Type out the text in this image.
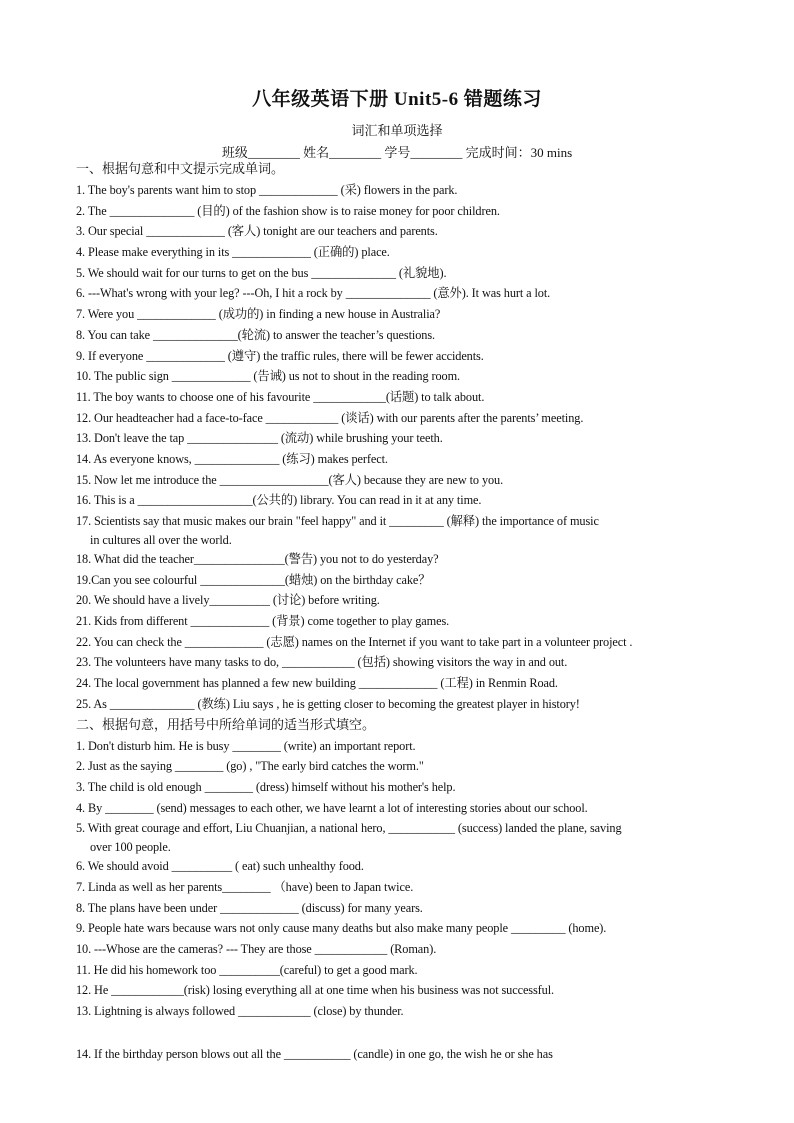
八年级英语下册 Unit5-6 错题练习
词汇和单项选择
班级________ 姓名________ 学号________ 完成时间：30 mins
一、根据句意和中文提示完成单词。
1. The boy's parents want him to stop _____________ (采) flowers in the park.
2. The ______________ (目的) of the fashion show is to raise money for poor children.
3. Our special _____________ (客人) tonight are our teachers and parents.
4. Please make everything in its _____________ (正确的) place.
5. We should wait for our turns to get on the bus ______________ (礼貌地).
6. ---What's wrong with your leg? ---Oh, I hit a rock by ______________ (意外). It was hurt a lot.
7. Were you _____________ (成功的) in finding a new house in Australia?
8. You can take ______________(轮流) to answer the teacher’s questions.
9. If everyone _____________ (遵守) the traffic rules, there will be fewer accidents.
10. The public sign _____________ (告诫) us not to shout in the reading room.
11. The boy wants to choose one of his favourite ____________(话题) to talk about.
12. Our headteacher had a face-to-face ____________ (谈话) with our parents after the parents’ meeting.
13. Don't leave the tap _______________ (流动) while brushing your teeth.
14. As everyone knows, ______________ (练习) makes perfect.
15. Now let me introduce the __________________(客人) because they are new to you.
16. This is a ___________________(公共的) library. You can read in it at any time.
17. Scientists say that music makes our brain "feel happy" and it _________ (解释) the importance of music
in cultures all over the world.
18. What did the teacher_______________(警告) you not to do yesterday?
19.Can you see colourful ______________(蜡烛) on the birthday cake？
20. We should have a lively__________ (讨论) before writing.
21. Kids from different _____________ (背景) come together to play games.
22. You can check the _____________ (志愿) names on the Internet if you want to take part in a volunteer project .
23. The volunteers have many tasks to do, ____________ (包括) showing visitors the way in and out.
24. The local government has planned a few new building _____________ (工程) in Renmin Road.
25. As ______________ (教练) Liu says , he is getting closer to becoming the greatest player in history!
二、根据句意，用括号中所给单词的适当形式填空。
1. Don't disturb him. He is busy ________ (write) an important report.
2. Just as the saying ________ (go) , "The early bird catches the worm."
3. The child is old enough ________ (dress) himself without his mother's help.
4. By ________ (send) messages to each other, we have learnt a lot of interesting stories about our school.
5. With great courage and effort, Liu Chuanjian, a national hero, ___________ (success) landed the plane, saving
over 100 people.
6. We should avoid __________ ( eat) such unhealthy food.
7. Linda as well as her parents________ （have) been to Japan twice.
8. The plans have been under _____________ (discuss) for many years.
9. People hate wars because wars not only cause many deaths but also make many people _________ (home).
10. ---Whose are the cameras? --- They are those ____________ (Roman).
11. He did his homework too __________(careful) to get a good mark.
12. He ____________(risk) losing everything all at one time when his business was not successful.
13. Lightning is always followed ____________ (close) by thunder.
14. If the birthday person blows out all the ___________ (candle) in one go, the wish he or she has
